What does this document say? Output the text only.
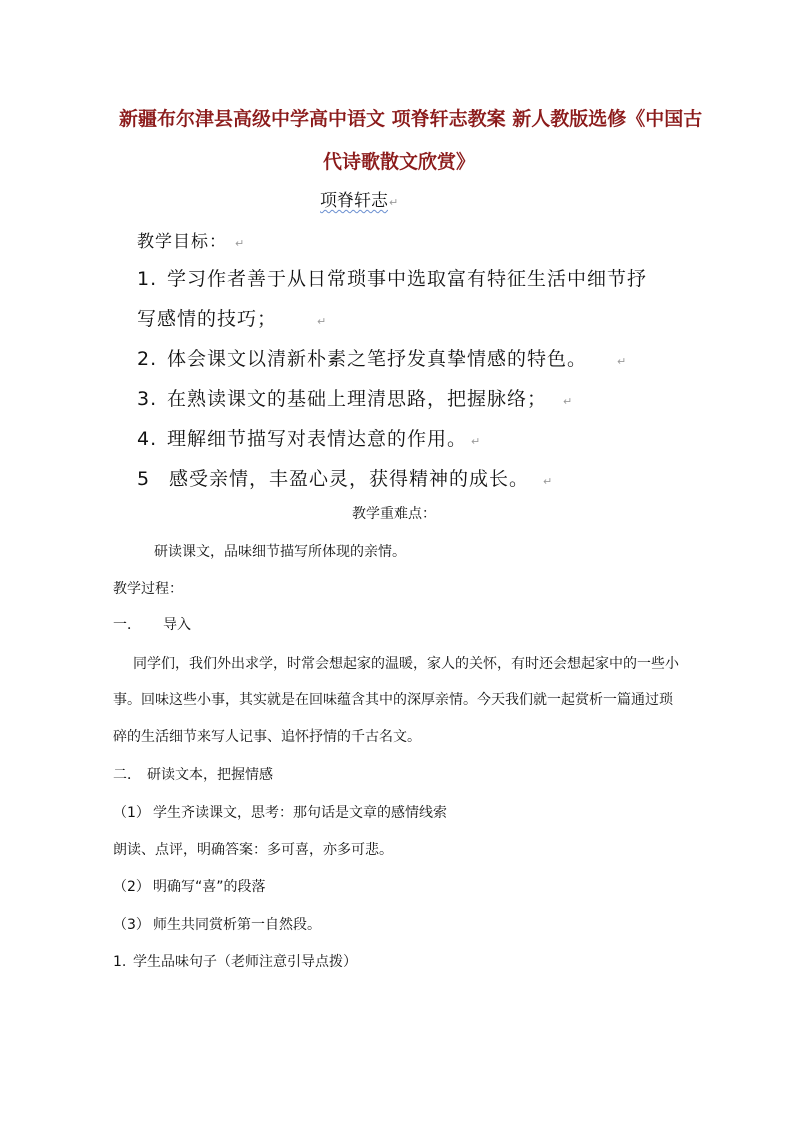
新疆布尔津县高级中学高中语文 项脊轩志教案 新人教版选修《中国古
代诗歌散文欣赏》
项脊轩志↵
教学目标： ↵
1. 学习作者善于从日常琐事中选取富有特征生活中细节抒
写感情的技巧；	↵
2. 体会课文以清新朴素之笔抒发真挚情感的特色。	↵
3. 在熟读课文的基础上理清思路，把握脉络； ↵
4. 理解细节描写对表情达意的作用。 ↵
5 感受亲情，丰盈心灵，获得精神的成长。 ↵
教学重难点：
研读课文，品味细节描写所体现的亲情。
教学过程：
一． 导入
同学们，我们外出求学，时常会想起家的温暖，家人的关怀，有时还会想起家中的一些小
事。回味这些小事，其实就是在回味蕴含其中的深厚亲情。今天我们就一起赏析一篇通过琐
碎的生活细节来写人记事、追怀抒情的千古名文。
二． 研读文本，把握情感
（1） 学生齐读课文，思考：那句话是文章的感情线索
朗读、点评，明确答案：多可喜，亦多可悲。
（2） 明确写“喜”的段落
（3） 师生共同赏析第一自然段。
1. 学生品味句子（老师注意引导点拨）
